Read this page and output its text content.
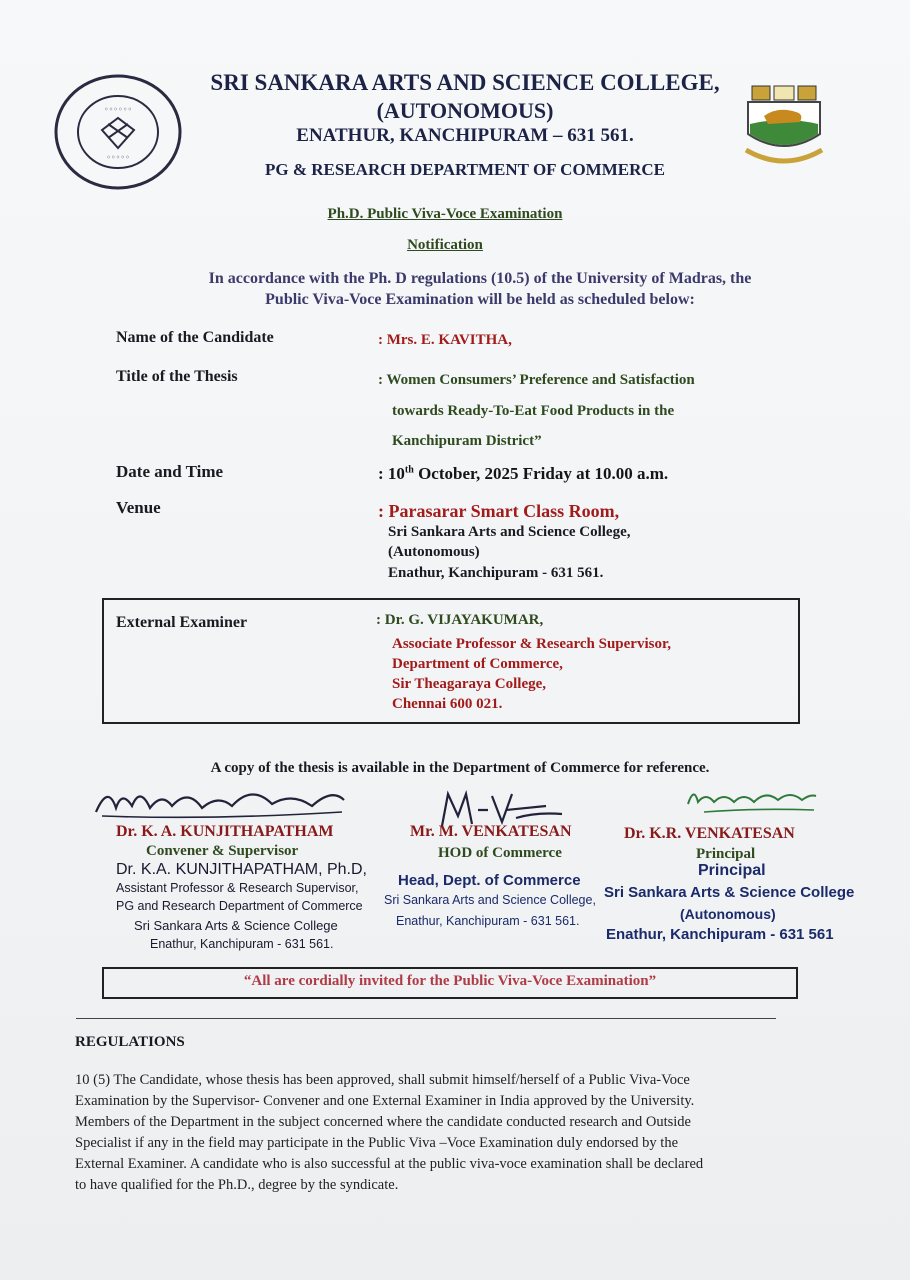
◦◦◦◦◦◦
◦◦◦◦◦
SRI SANKARA ARTS AND SCIENCE COLLEGE,
(AUTONOMOUS)
ENATHUR, KANCHIPURAM – 631 561.
PG & RESEARCH DEPARTMENT OF COMMERCE
Ph.D. Public Viva-Voce Examination
Notification
In accordance with the Ph. D regulations (10.5) of the University of Madras, the
Public Viva-Voce Examination will be held as scheduled below:
Name of the Candidate	: Mrs. E. KAVITHA,
Title of the Thesis	: Women Consumers’ Preference and Satisfaction
towards Ready-To-Eat Food Products in the
Kanchipuram District”
Date and Time	: 10th October, 2025 Friday at 10.00 a.m.
Venue	: Parasarar Smart Class Room,
Sri Sankara Arts and Science College,
(Autonomous)
Enathur, Kanchipuram - 631 561.
External Examiner	: Dr. G. VIJAYAKUMAR,
Associate Professor & Research Supervisor,
Department of Commerce,
Sir Theagaraya College,
Chennai 600 021.
A copy of the thesis is available in the Department of Commerce for reference.
Dr. K. A. KUNJITHAPATHAM
Convener & Supervisor
Mr. M. VENKATESAN
HOD of Commerce
Dr. K.R. VENKATESAN
Principal
Dr. K.A. KUNJITHAPATHAM, Ph.D,
Assistant Professor & Research Supervisor,
PG and Research Department of Commerce
Sri Sankara Arts & Science College
Enathur, Kanchipuram - 631 561.
Head, Dept. of Commerce
Sri Sankara Arts and Science College,
Enathur, Kanchipuram - 631 561.
Principal
Sri Sankara Arts & Science College
(Autonomous)
Enathur, Kanchipuram - 631 561
“All are cordially invited for the Public Viva-Voce Examination”
REGULATIONS
10 (5) The Candidate, whose thesis has been approved, shall submit himself/herself of a Public Viva-Voce
Examination by the Supervisor- Convener and one External Examiner in India approved by the University.
Members of the Department in the subject concerned where the candidate conducted research and Outside
Specialist if any in the field may participate in the Public Viva –Voce Examination duly endorsed by the
External Examiner. A candidate who is also successful at the public viva-voce examination shall be declared
to have qualified for the Ph.D., degree by the syndicate.
